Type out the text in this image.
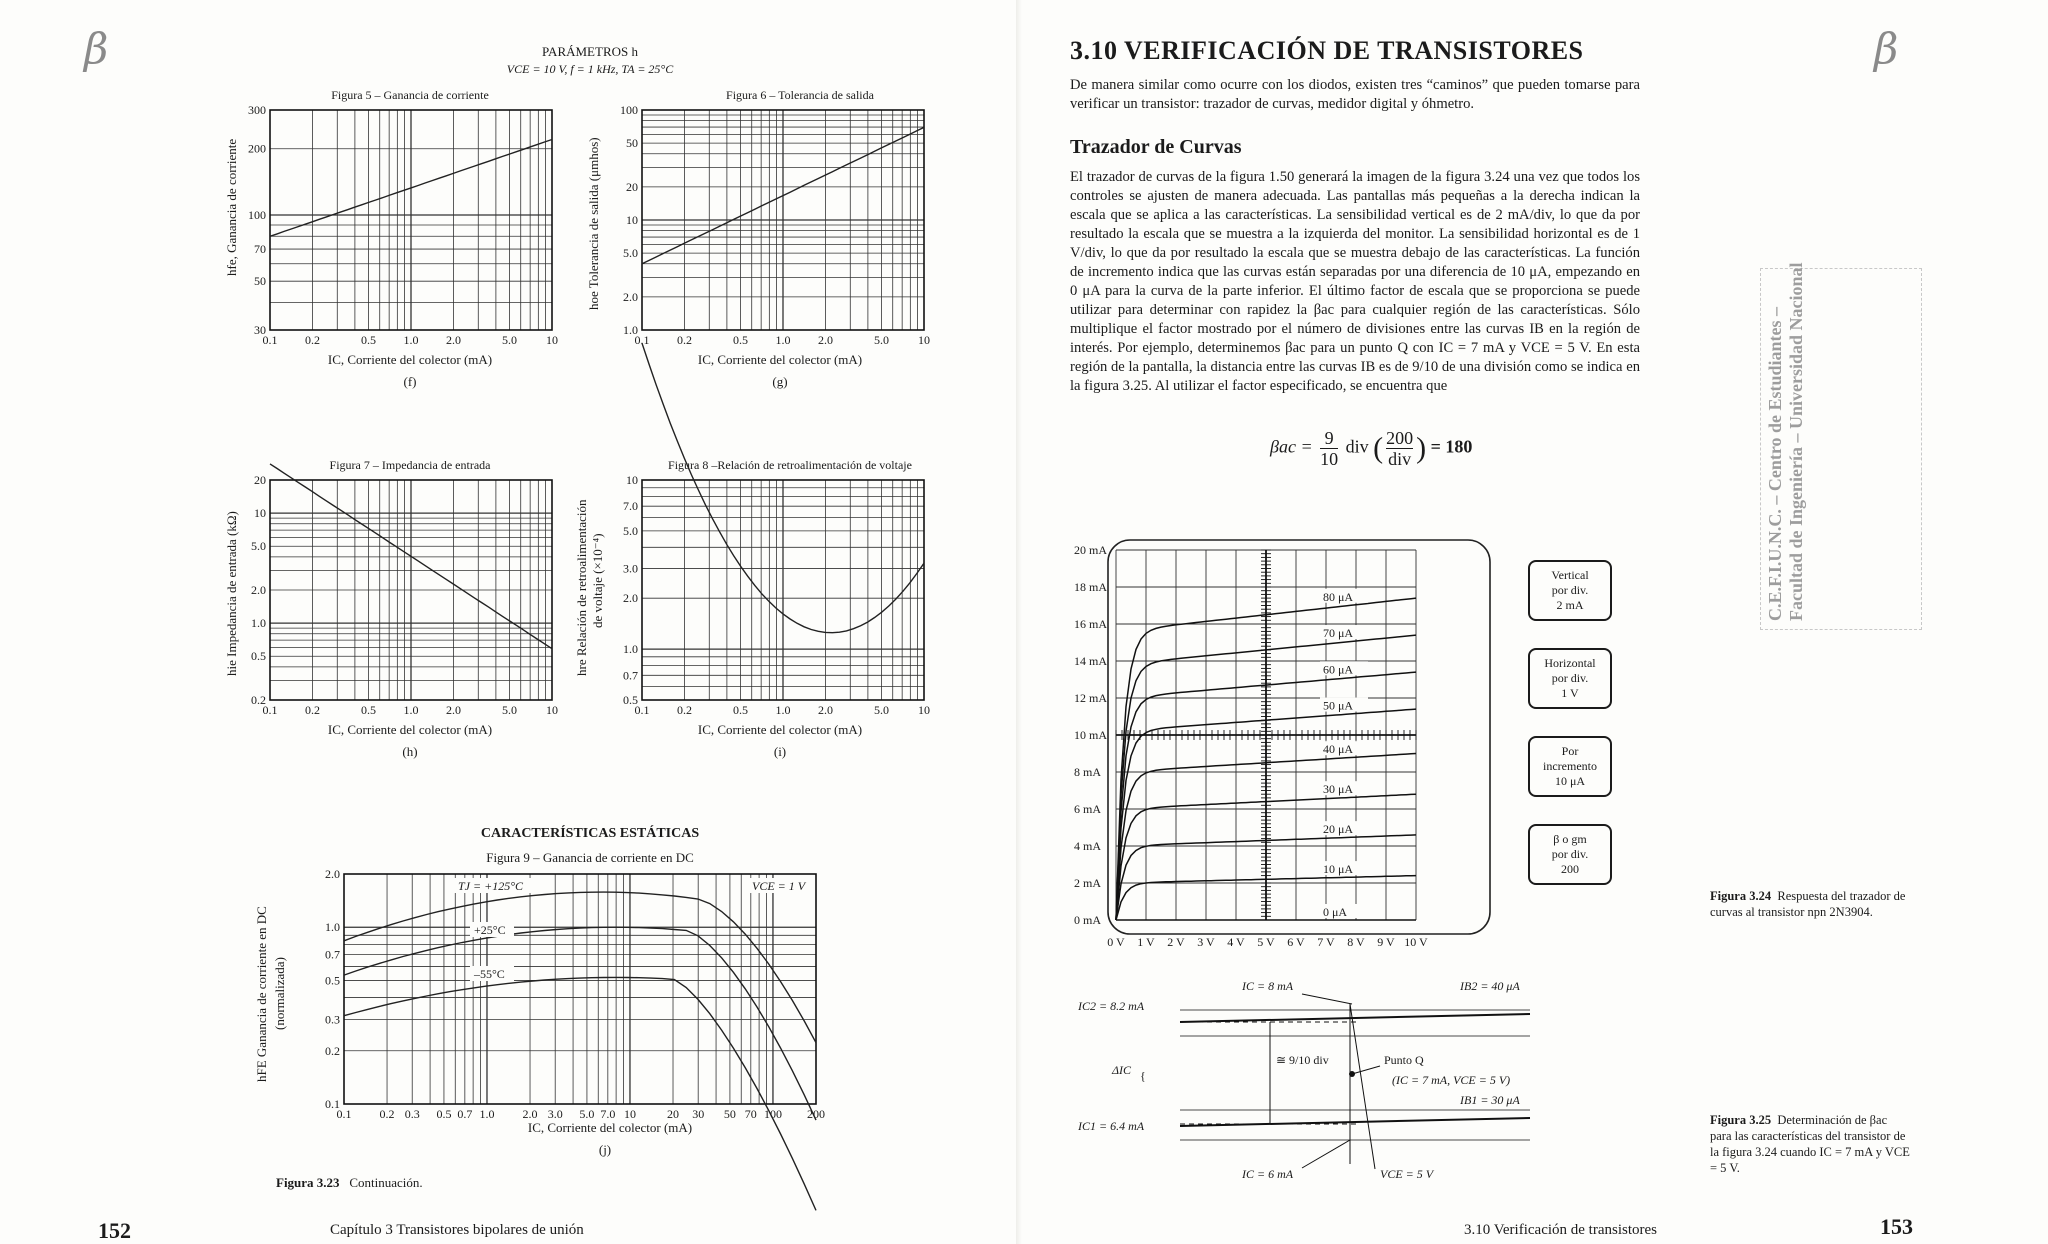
β	PARÁMETROS h
VCE = 10 V, f = 1 kHz, TA = 25°C
Figura 5 – Ganancia de corriente
0.1 0.2	0.5 1.0 2.0	5.0 10
300
200
100
70
50
30
hfe, Ganancia de corriente
IC, Corriente del colector (mA)
(f)
Figura 6 – Tolerancia de salida
0.1 0.2	0.5 1.0 2.0	5.0 10
100
50
20
10
5.0
2.0
1.0
hoe Tolerancia de salida (μmhos)
IC, Corriente del colector (mA)
(g)
Figura 7 – Impedancia de entrada
0.1 0.2	0.5 1.0 2.0	5.0 10
20
10
5.0
2.0
1.0
0.5
0.2
hie Impedancia de entrada (kΩ)
IC, Corriente del colector (mA)
(h)
Figura 8 –Relación de retroalimentación de voltaje
0.1 0.2	0.5 1.0 2.0	5.0 10
10
7.0
5.0
3.0
2.0
1.0
0.7
0.5
hre Relación de retroalimentación de voltaje (×10⁻⁴)
IC, Corriente del colector (mA)
(i)
CARACTERÍSTICAS ESTÁTICAS
Figura 9 – Ganancia de corriente en DC
0.1 0.2 0.3 0.5 0.7 1.0 2.0 3.0 5.0 7.0 10	20 30 50 70 100 200
2.0
1.0
0.7
0.5
0.3
0.2
0.1
TJ = +125°C
+25°C
–55°C
VCE = 1 V
hFE Ganancia de corriente en DC (normalizada)
IC, Corriente del colector (mA)
(j)
Figura 3.23 Continuación.
152	Capítulo 3 Transistores bipolares de unión
3.10 VERIFICACIÓN DE TRANSISTORES	β
De manera similar como ocurre con los diodos, existen tres “caminos” que pueden tomarse para verificar un transistor: trazador de curvas, medidor digital y óhmetro.
Trazador de Curvas
El trazador de curvas de la figura 1.50 generará la imagen de la figura 3.24 una vez que todos los controles se ajusten de manera adecuada. Las pantallas más pequeñas a la derecha indican la escala que se aplica a las características. La sensibilidad vertical es de 2 mA/div, lo que da por resultado la escala que se muestra a la izquierda del monitor. La sensibilidad horizontal es de 1 V/div, lo que da por resultado la escala que se muestra debajo de las características. La función de incremento indica que las curvas están separadas por una diferencia de 10 μA, empezando en 0 μA para la curva de la parte inferior. El último factor de escala que se proporciona se puede utilizar para determinar con rapidez la βac para cualquier región de las características. Sólo multiplique el factor mostrado por el número de divisiones entre las curvas IB en la región de interés. Por ejemplo, determinemos βac para un punto Q con IC = 7 mA y VCE = 5 V. En esta región de la pantalla, la distancia entre las curvas IB es de 9/10 de una división como se indica en la figura 3.25. Al utilizar el factor especificado, se encuentra que
$\beta ac = \frac{9}{10}$ div ( $\frac{200}{\text{div}}$ ) = 180
20 mA
18 mA
16 mA
14 mA
12 mA
10 mA
8 mA
6 mA
4 mA
2 mA
0 mA
0 V 1 V 2 V 3 V 4 V 5 V 6 V 7 V 8 V 9 V 10 V
80 μA
70 μA
60 μA
50 μA
40 μA
30 μA
20 μA
10 μA
0 μA
Vertical
por div.
2 mA
Horizontal
por div.
1 V
Por
incremento
10 μA
β o gm
por div.
200
Figura 3.24 Respuesta del trazador de curvas al transistor npn 2N3904.
IC = 8 mA	IB2 = 40 μA
IC2 = 8.2 mA
ΔIC {
≅ 9/10 div	Punto Q
(IC = 7 mA, VCE = 5 V)
IB1 = 30 μA
IC1 = 6.4 mA
IC = 6 mA	VCE = 5 V
Figura 3.25 Determinación de βac para las características del transistor de la figura 3.24 cuando IC = 7 mA y VCE = 5 V.
C.E.F.I.U.N.C. – Centro de Estudiantes – Facultad de Ingeniería – Universidad Nacional
3.10 Verificación de transistores	153
